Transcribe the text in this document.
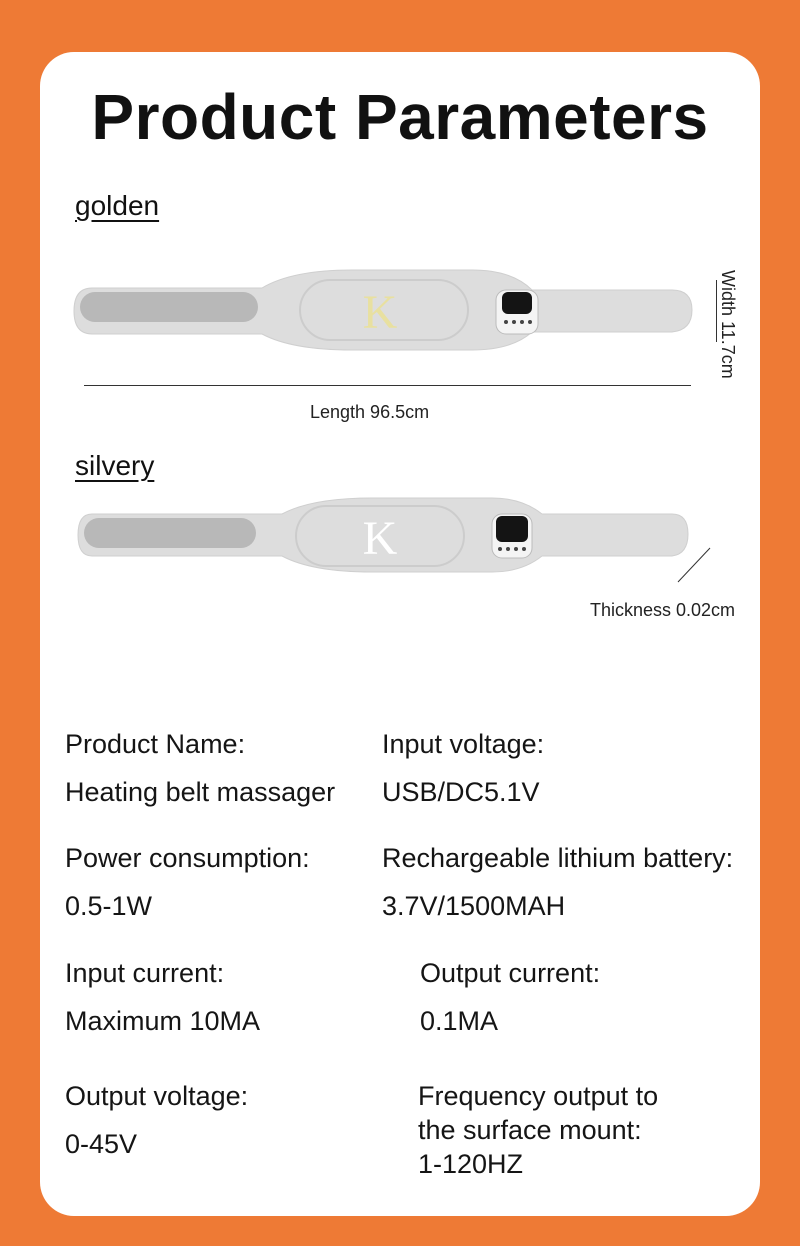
Product Parameters
golden
K	Width 11.7cm
Length 96.5cm
silvery
K
Thickness 0.02cm
Product Name:
Heating belt massager
Input voltage:
USB/DC5.1V
Power consumption:
0.5-1W
Rechargeable lithium battery:
3.7V/1500MAH
Input current:
Maximum 10MA
Output current:
0.1MA
Output voltage:
0-45V
Frequency output to
the surface mount:
1-120HZ
